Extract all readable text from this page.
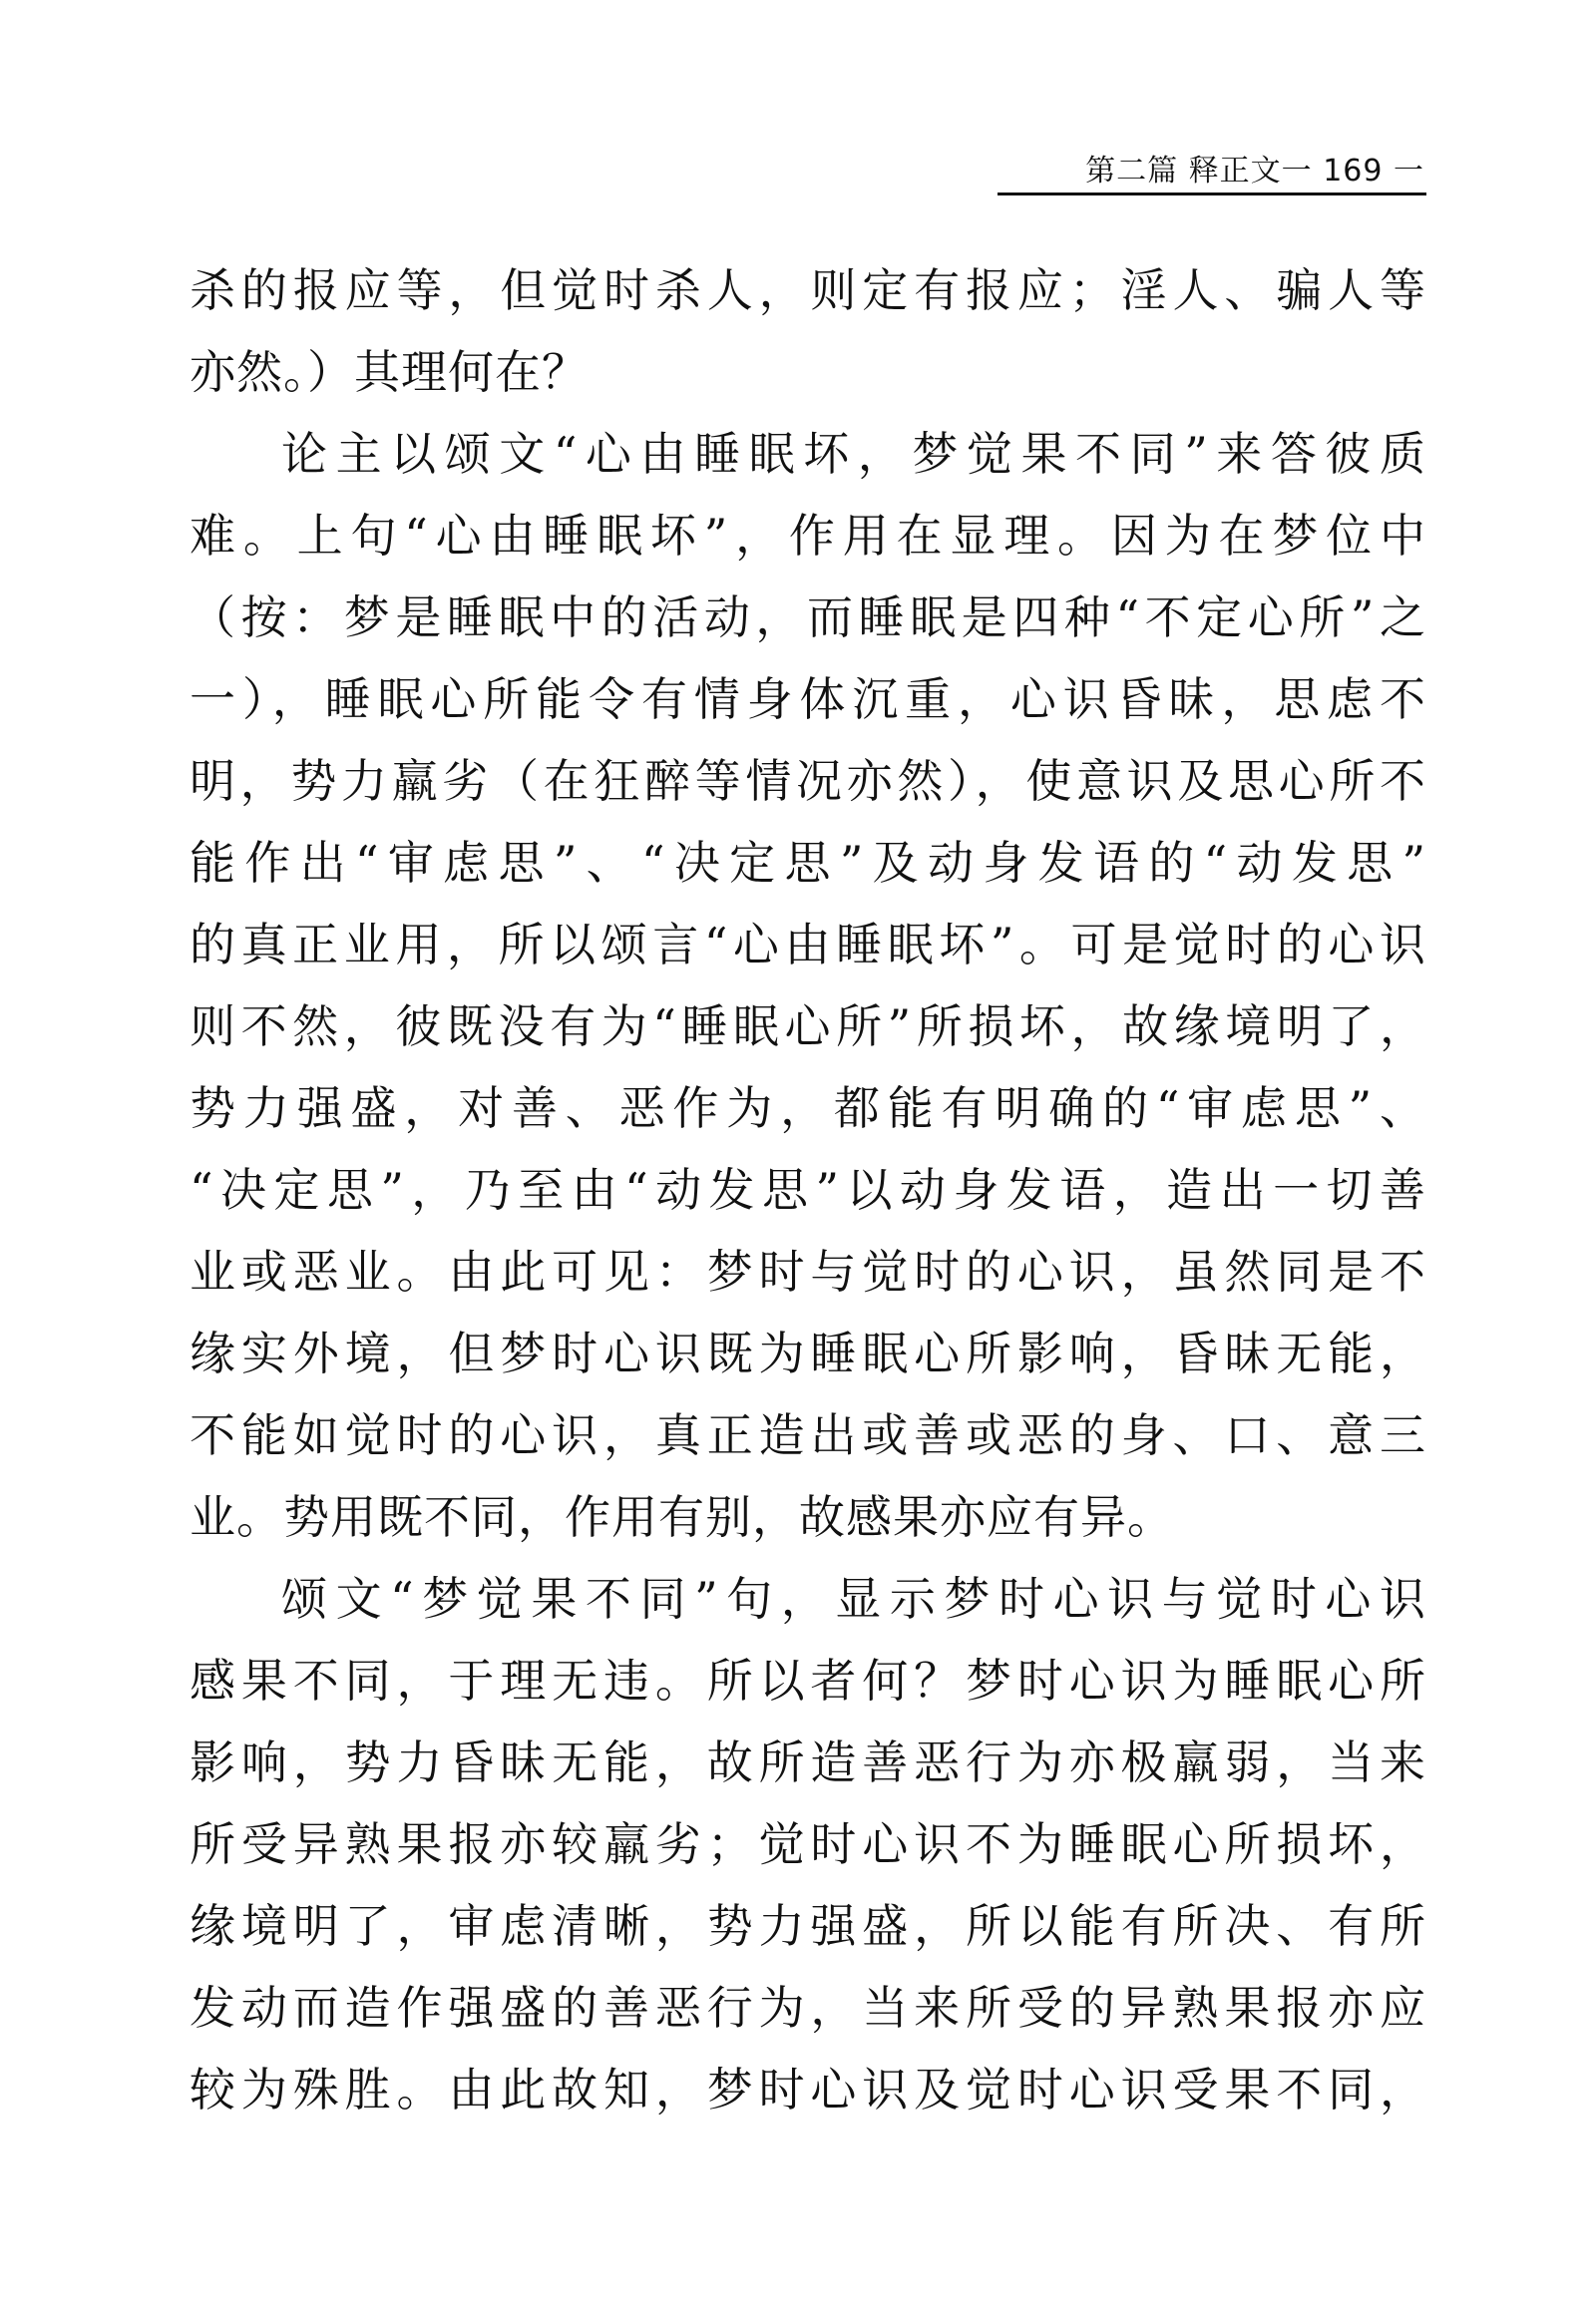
第二篇 释正文一 169 一
杀的报应等，但觉时杀人，则定有报应；淫人、骗人等
亦然。）其理何在？
论主以颂文“心由睡眠坏，梦觉果不同”来答彼质
难。上句“心由睡眠坏”，作用在显理。因为在梦位中
（按：梦是睡眠中的活动，而睡眠是四种“不定心所”之
一），睡眠心所能令有情身体沉重，心识昏昧，思虑不
明，势力羸劣（在狂醉等情况亦然），使意识及思心所不
能作出“审虑思”、“决定思”及动身发语的“动发思”
的真正业用，所以颂言“心由睡眠坏”。可是觉时的心识
则不然，彼既没有为“睡眠心所”所损坏，故缘境明了，
势力强盛，对善、恶作为，都能有明确的“审虑思”、
“决定思”，乃至由“动发思”以动身发语，造出一切善
业或恶业。由此可见：梦时与觉时的心识，虽然同是不
缘实外境，但梦时心识既为睡眠心所影响，昏昧无能，
不能如觉时的心识，真正造出或善或恶的身、口、意三
业。势用既不同，作用有别，故感果亦应有异。
颂文“梦觉果不同”句，显示梦时心识与觉时心识
感果不同，于理无违。所以者何？梦时心识为睡眠心所
影响，势力昏昧无能，故所造善恶行为亦极羸弱，当来
所受异熟果报亦较羸劣；觉时心识不为睡眠心所损坏，
缘境明了，审虑清晰，势力强盛，所以能有所决、有所
发动而造作强盛的善恶行为，当来所受的异熟果报亦应
较为殊胜。由此故知，梦时心识及觉时心识受果不同，
